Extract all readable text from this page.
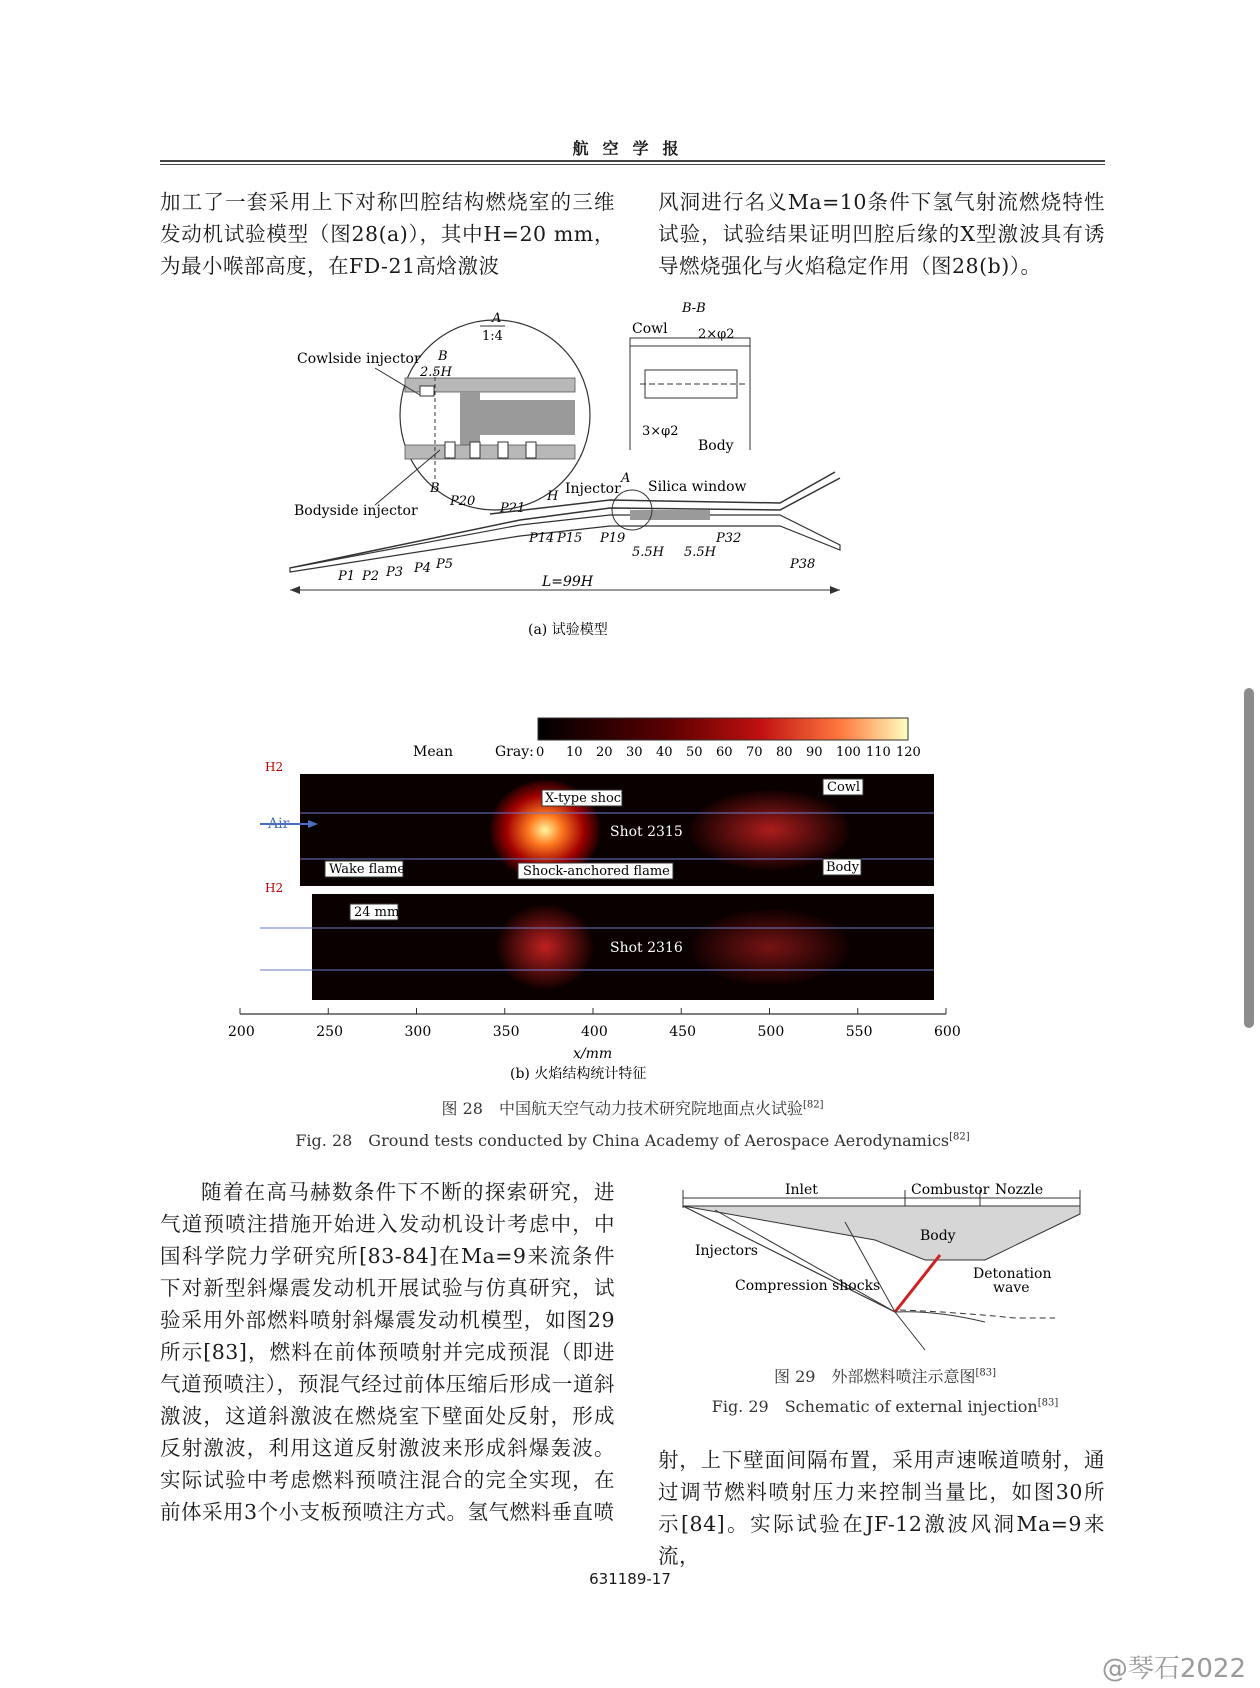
航空学报
加工了一套采用上下对称凹腔结构燃烧室的三维发动机试验模型（图28(a)），其中H=20 mm，为最小喉部高度，在FD-21高焓激波
风洞进行名义Ma=10条件下氢气射流燃烧特性试验，试验结果证明凹腔后缘的X型激波具有诱导燃烧强化与火焰稳定作用（图28(b)）。
A
1:4
Cowlside injector
Bodyside injector
B
2.5H
B
P20 P21
B-B
Cowl 2×φ2
3×φ2
Body
Injector
H
A
Silica window
P14 P15 P19	P32
P38
P1 P2 P3 P4 P5
5.5H 5.5H
L=99H
(a) 试验模型
Mean	Gray: 0 10 20 30 40 50 60 70 80 90 100 110 120
H2
Air
X-type shock
Shot 2315
Cowl
Wake flame	Shock-anchored flame	Body
H2
24 mm
Shot 2316
200	250	300	350	400	450	500	550	600
x/mm
(b) 火焰结构统计特征
图 28　中国航天空气动力技术研究院地面点火试验[82]
Fig. 28　Ground tests conducted by China Academy of Aerospace Aerodynamics[82]
随着在高马赫数条件下不断的探索研究，进气道预喷注措施开始进入发动机设计考虑中，中国科学院力学研究所[83-84]在Ma=9来流条件下对新型斜爆震发动机开展试验与仿真研究，试验采用外部燃料喷射斜爆震发动机模型，如图29所示[83]，燃料在前体预喷射并完成预混（即进气道预喷注），预混气经过前体压缩后形成一道斜激波，这道斜激波在燃烧室下壁面处反射，形成反射激波，利用这道反射激波来形成斜爆轰波。实际试验中考虑燃料预喷注混合的完全实现，在前体采用3个小支板预喷注方式。氢气燃料垂直喷
Inlet	Combustor Nozzle
Body
Injectors
Compression shocks
Detonation
wave
图 29　外部燃料喷注示意图[83]
Fig. 29　Schematic of external injection[83]
射，上下壁面间隔布置，采用声速喉道喷射，通过调节燃料喷射压力来控制当量比，如图30所示[84]。实际试验在JF-12激波风洞Ma=9来流，
631189-17
@琴石2022
